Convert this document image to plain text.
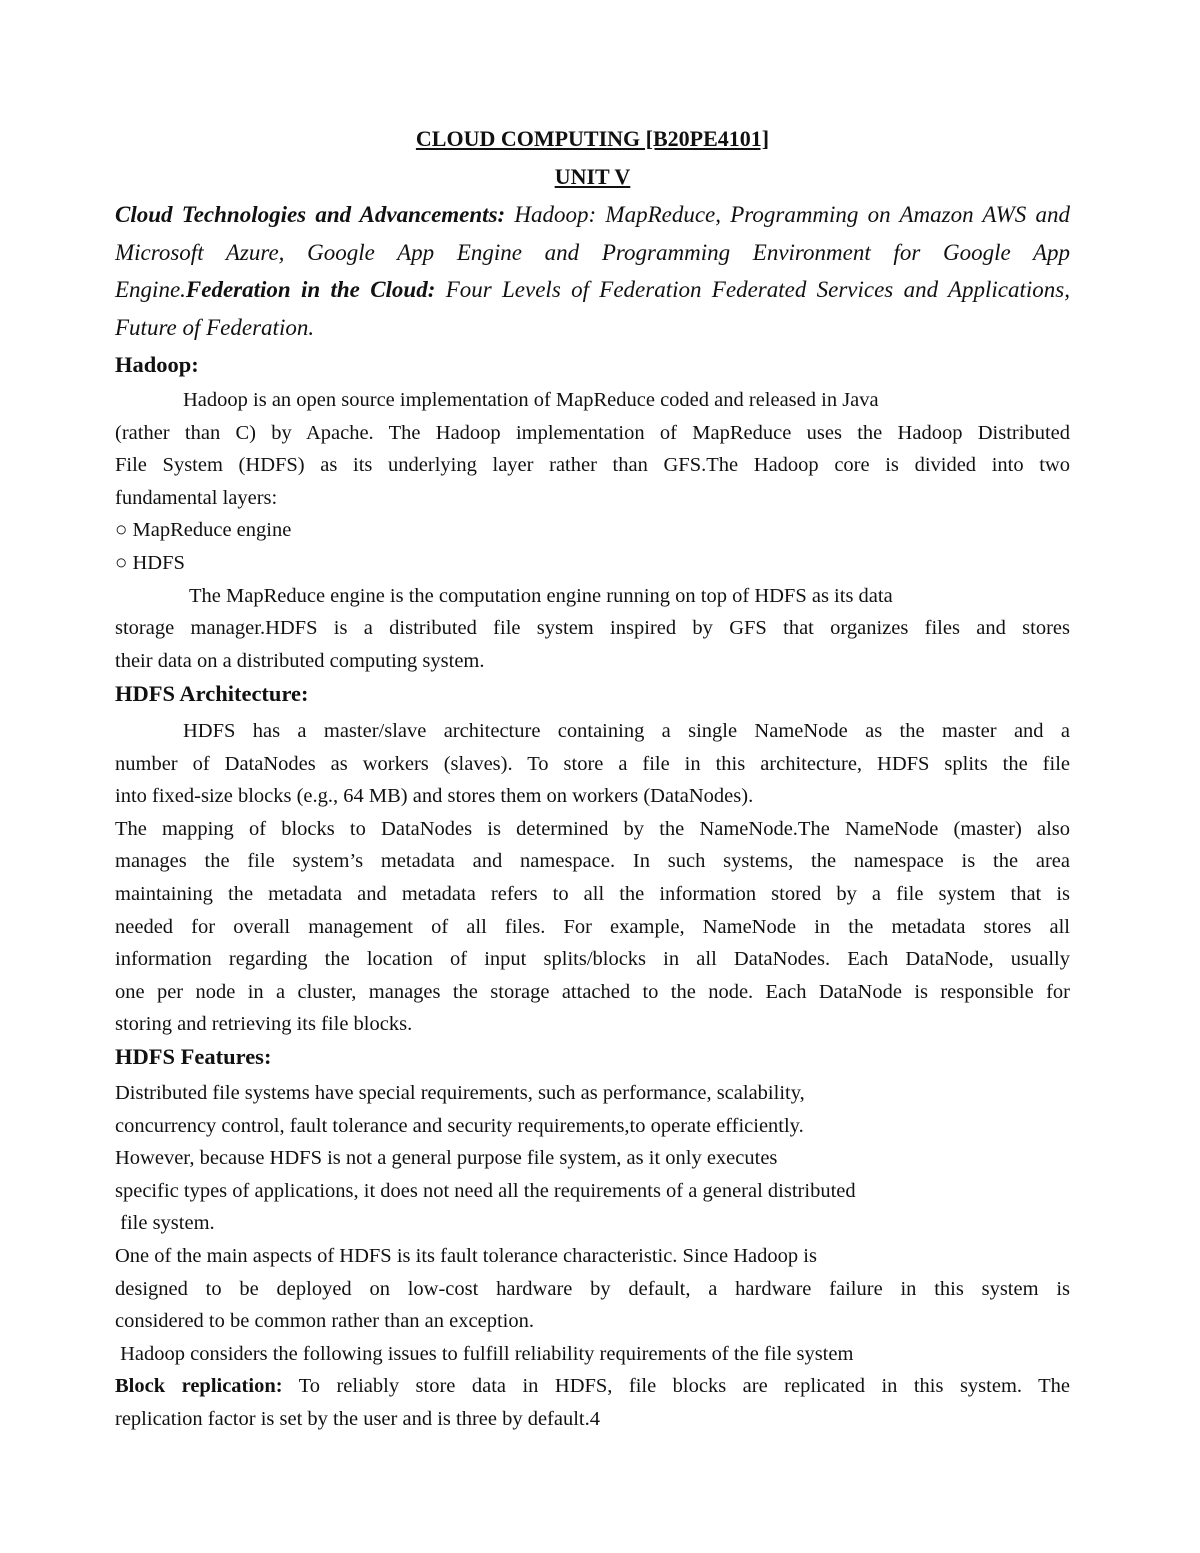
CLOUD COMPUTING [B20PE4101]
UNIT V
Cloud Technologies and Advancements: Hadoop: MapReduce, Programming on Amazon AWS and Microsoft Azure, Google App Engine and Programming Environment for Google App Engine.Federation in the Cloud: Four Levels of Federation Federated Services and Applications, Future of Federation.
Hadoop:
Hadoop is an open source implementation of MapReduce coded and released in Java
(rather than C) by Apache. The Hadoop implementation of MapReduce uses the Hadoop Distributed
File System (HDFS) as its underlying layer rather than GFS.The Hadoop core is divided into two
fundamental layers:
○ MapReduce engine
○ HDFS
The MapReduce engine is the computation engine running on top of HDFS as its data
storage manager.HDFS is a distributed file system inspired by GFS that organizes files and stores
their data on a distributed computing system.
HDFS Architecture:
HDFS has a master/slave architecture containing a single NameNode as the master and a
number of DataNodes as workers (slaves). To store a file in this architecture, HDFS splits the file
into fixed-size blocks (e.g., 64 MB) and stores them on workers (DataNodes).
The mapping of blocks to DataNodes is determined by the NameNode.The NameNode (master) also
manages the file system’s metadata and namespace. In such systems, the namespace is the area
maintaining the metadata and metadata refers to all the information stored by a file system that is
needed for overall management of all files. For example, NameNode in the metadata stores all
information regarding the location of input splits/blocks in all DataNodes. Each DataNode, usually
one per node in a cluster, manages the storage attached to the node. Each DataNode is responsible for
storing and retrieving its file blocks.
HDFS Features:
Distributed file systems have special requirements, such as performance, scalability,
concurrency control, fault tolerance and security requirements,to operate efficiently.
However, because HDFS is not a general purpose file system, as it only executes
specific types of applications, it does not need all the requirements of a general distributed
file system.
One of the main aspects of HDFS is its fault tolerance characteristic. Since Hadoop is
designed to be deployed on low-cost hardware by default, a hardware failure in this system is
considered to be common rather than an exception.
Hadoop considers the following issues to fulfill reliability requirements of the file system
Block replication: To reliably store data in HDFS, file blocks are replicated in this system. The
replication factor is set by the user and is three by default.4
